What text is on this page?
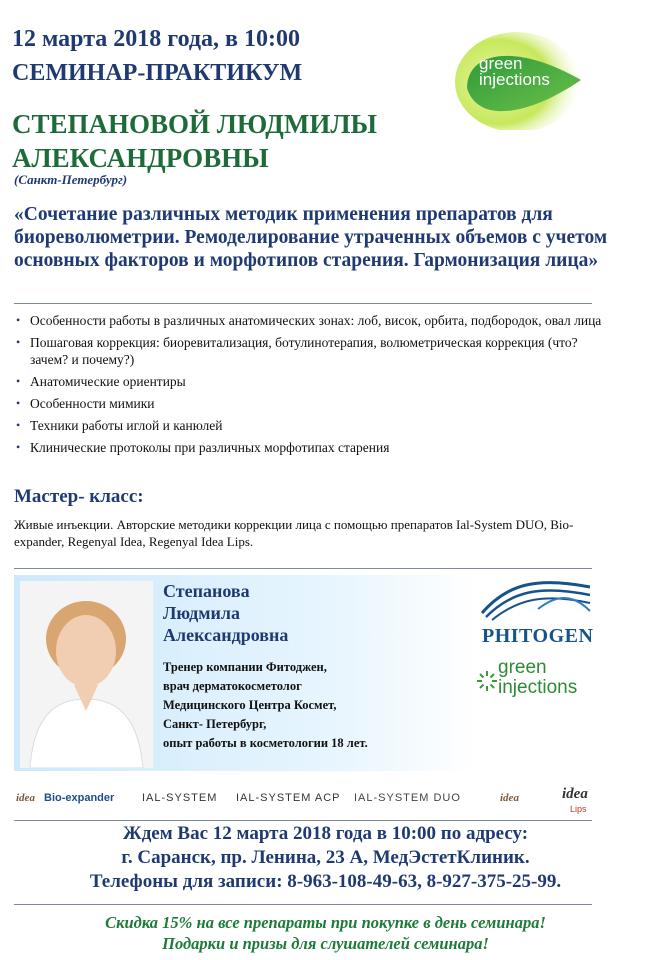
12 марта 2018 года, в 10:00
СЕМИНАР-ПРАКТИКУМ
СТЕПАНОВОЙ ЛЮДМИЛЫ
АЛЕКСАНДРОВНЫ
(Санкт-Петербург)
green
injections
«Сочетание различных методик применения препаратов для биореволюметрии. Ремоделирование утраченных объемов с учетом основных факторов и морфотипов старения. Гармонизация лица»
• Особенности работы в различных анатомических зонах: лоб, висок, орбита, подбородок, овал лица
• Пошаговая коррекция: биоревитализация, ботулинотерапия, волюметрическая коррекция (что? зачем? и почему?)
• Анатомические ориентиры
• Особенности мимики
• Техники работы иглой и канюлей
• Клинические протоколы при различных морфотипах старения
Мастер- класс:
Живые инъекции. Авторские методики коррекции лица с помощью препаратов Ial-System DUO, Bio-expander, Regenyal Idea, Regenyal Idea Lips.
Степанова
Людмила
Александровна
Тренер компании Фитоджен,
врач дерматокосметолог
Медицинского Центра Космет,
Санкт- Петербург,
опыт работы в косметологии 18 лет.
PHITOGEN
green
injections
idea Bio-expander	IAL-SYSTEM IAL-SYSTEM ACP IAL-SYSTEM DUO	idea	idea
Lips
Ждем Вас 12 марта 2018 года в 10:00 по адресу:
г. Саранск, пр. Ленина, 23 А, МедЭстетКлиник.
Телефоны для записи: 8-963-108-49-63, 8-927-375-25-99.
Скидка 15% на все препараты при покупке в день семинара!
Подарки и призы для слушателей семинара!
